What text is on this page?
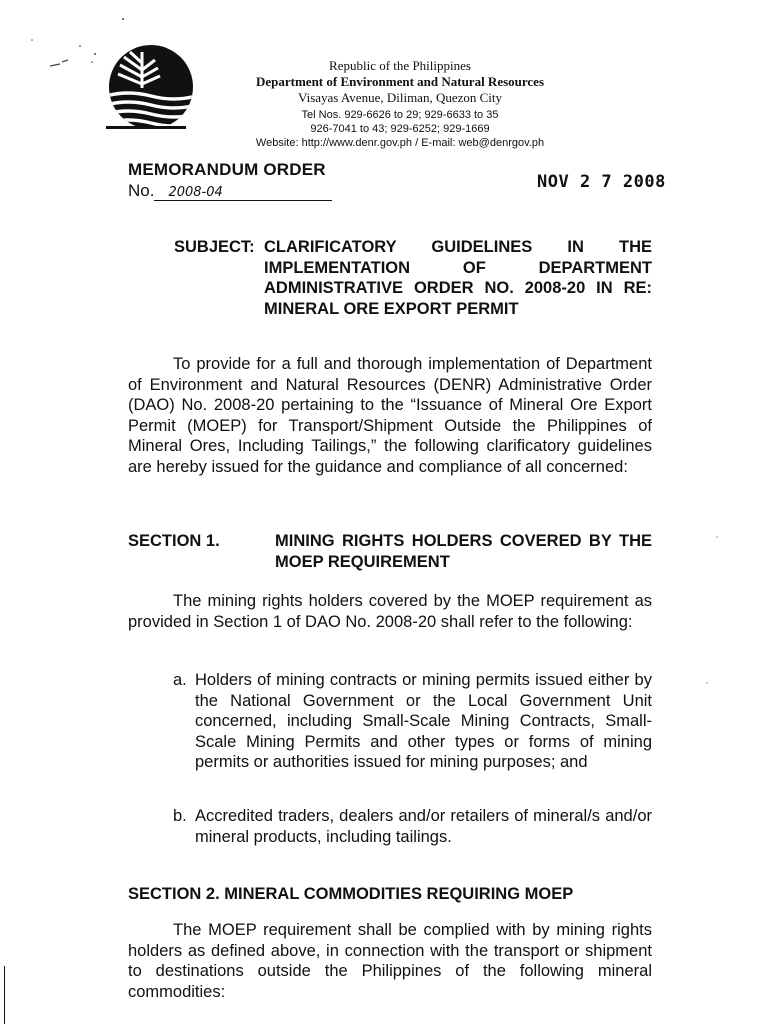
Republic of the Philippines
Department of Environment and Natural Resources
Visayas Avenue, Diliman, Quezon City
Tel Nos. 929-6626 to 29; 929-6633 to 35
926-7041 to 43; 929-6252; 929-1669
Website: http://www.denr.gov.ph / E-mail: web@denrgov.ph
MEMORANDUM ORDER
No. 2008-04
NOV 2 7 2008
SUBJECT: CLARIFICATORY GUIDELINES IN THE IMPLEMENTATION OF DEPARTMENT ADMINISTRATIVE ORDER NO. 2008-20 IN RE: MINERAL ORE EXPORT PERMIT
To provide for a full and thorough implementation of Department of Environment and Natural Resources (DENR) Administrative Order (DAO) No. 2008-20 pertaining to the “Issuance of Mineral Ore Export Permit (MOEP) for Transport/Shipment Outside the Philippines of Mineral Ores, Including Tailings,” the following clarificatory guidelines are hereby issued for the guidance and compliance of all concerned:
SECTION 1.	MINING RIGHTS HOLDERS COVERED BY THE MOEP REQUIREMENT
The mining rights holders covered by the MOEP requirement as provided in Section 1 of DAO No. 2008-20 shall refer to the following:
a. Holders of mining contracts or mining permits issued either by the National Government or the Local Government Unit concerned, including Small-Scale Mining Contracts, Small-Scale Mining Permits and other types or forms of mining permits or authorities issued for mining purposes; and
b. Accredited traders, dealers and/or retailers of mineral/s and/or mineral products, including tailings.
SECTION 2. MINERAL COMMODITIES REQUIRING MOEP
The MOEP requirement shall be complied with by mining rights holders as defined above, in connection with the transport or shipment to destinations outside the Philippines of the following mineral commodities:
